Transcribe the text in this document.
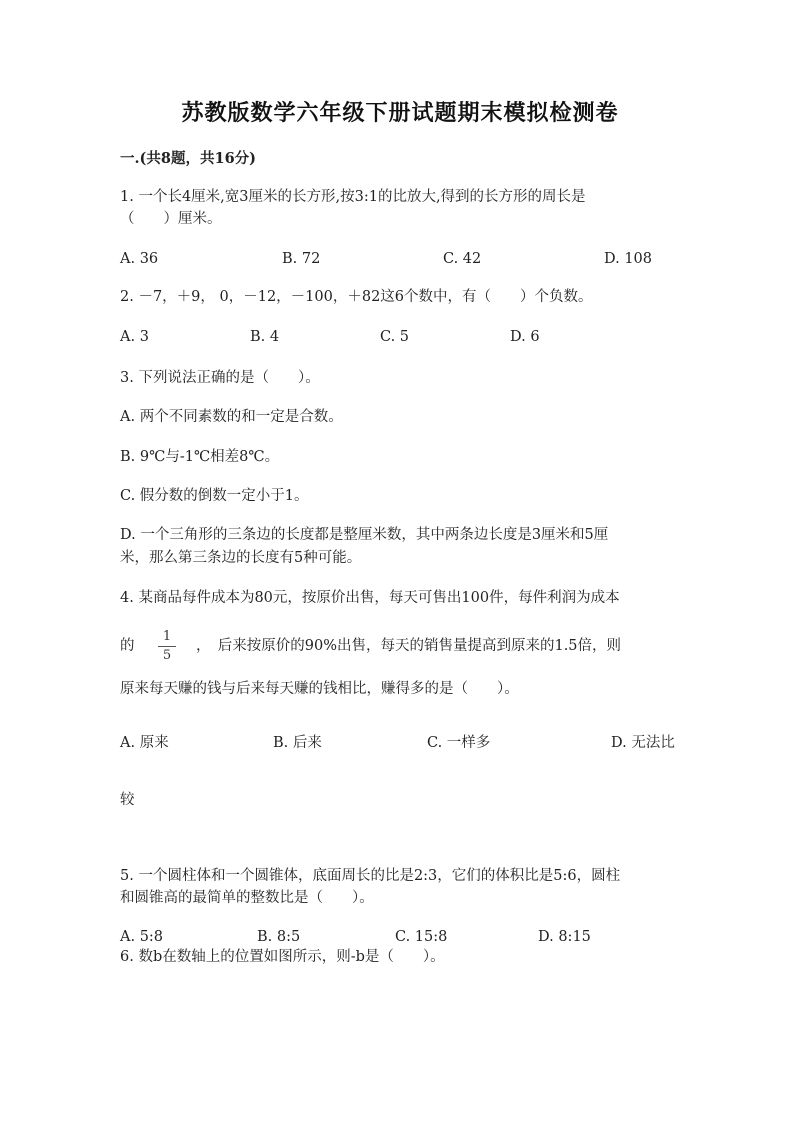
苏教版数学六年级下册试题期末模拟检测卷
一.(共8题，共16分)
1. 一个长4厘米,宽3厘米的长方形,按3:1的比放大,得到的长方形的周长是
（　　）厘米。
A. 36	B. 72	C. 42	D. 108
2. －7，＋9， 0，－12，－100，＋82这6个数中，有（　　）个负数。
A. 3	B. 4	C. 5	D. 6
3. 下列说法正确的是（　　）。
A. 两个不同素数的和一定是合数。
B. 9℃与-1℃相差8℃。
C. 假分数的倒数一定小于1。
D. 一个三角形的三条边的长度都是整厘米数，其中两条边长度是3厘米和5厘
米，那么第三条边的长度有5种可能。
4. 某商品每件成本为80元，按原价出售，每天可售出100件，每件利润为成本
的
1
5
，　后来按原价的90%出售，每天的销售量提高到原来的1.5倍，则
原来每天赚的钱与后来每天赚的钱相比，赚得多的是（　　）。
A. 原来	B. 后来	C. 一样多	D. 无法比
较
5. 一个圆柱体和一个圆锥体，底面周长的比是2:3，它们的体积比是5:6，圆柱
和圆锥高的最简单的整数比是（　　）。
A. 5:8	B. 8:5	C. 15:8	D. 8:15
6. 数b在数轴上的位置如图所示，则-b是（　　）。
